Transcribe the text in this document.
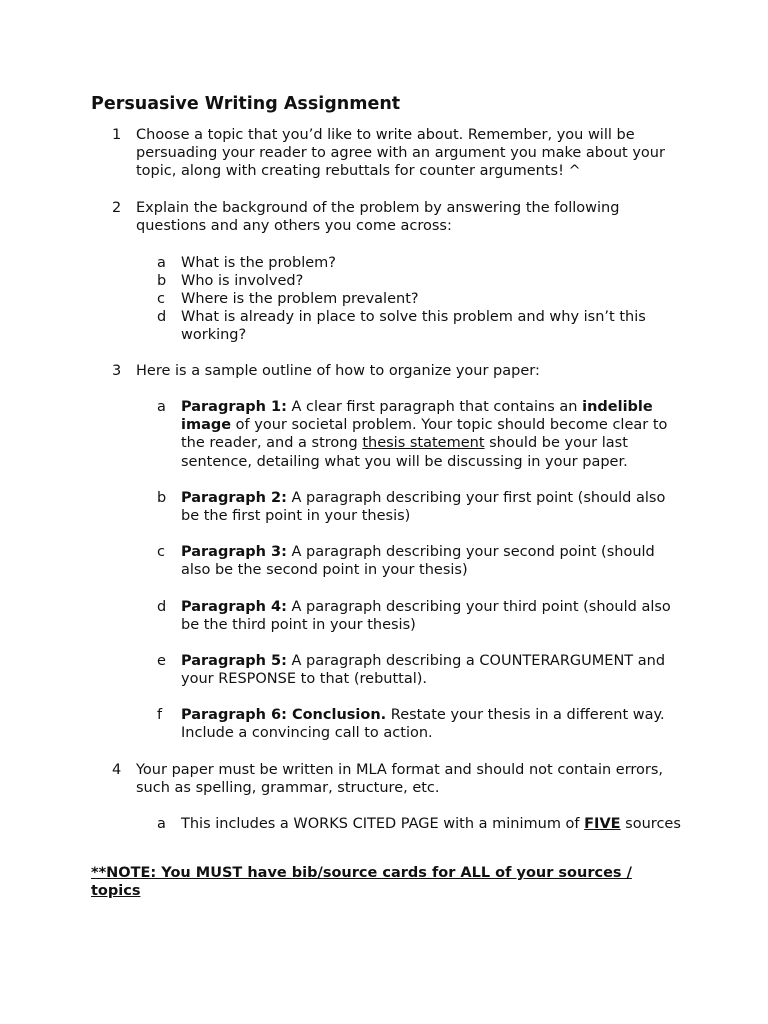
Persuasive Writing Assignment
1 Choose a topic that you’d like to write about. Remember, you will be persuading your reader to agree with an argument you make about your topic, along with creating rebuttals for counter arguments! ^

2 Explain the background of the problem by answering the following questions and any others you come across:

a What is the problem?

b Who is involved?

c Where is the problem prevalent?

d What is already in place to solve this problem and why isn’t this working?

3 Here is a sample outline of how to organize your paper:

a Paragraph 1: A clear first paragraph that contains an indelible image of your societal problem. Your topic should become clear to the reader, and a strong thesis statement should be your last sentence, detailing what you will be discussing in your paper.

b Paragraph 2: A paragraph describing your first point (should also be the first point in your thesis)

c Paragraph 3: A paragraph describing your second point (should also be the second point in your thesis)

d Paragraph 4: A paragraph describing your third point (should also be the third point in your thesis)

e Paragraph 5: A paragraph describing a COUNTERARGUMENT and your RESPONSE to that (rebuttal).

f Paragraph 6: Conclusion. Restate your thesis in a different way. Include a convincing call to action.

4 Your paper must be written in MLA format and should not contain errors, such as spelling, grammar, structure, etc.

a This includes a WORKS CITED PAGE with a minimum of FIVE sources

**NOTE: You MUST have bib/source cards for ALL of your sources / topics
